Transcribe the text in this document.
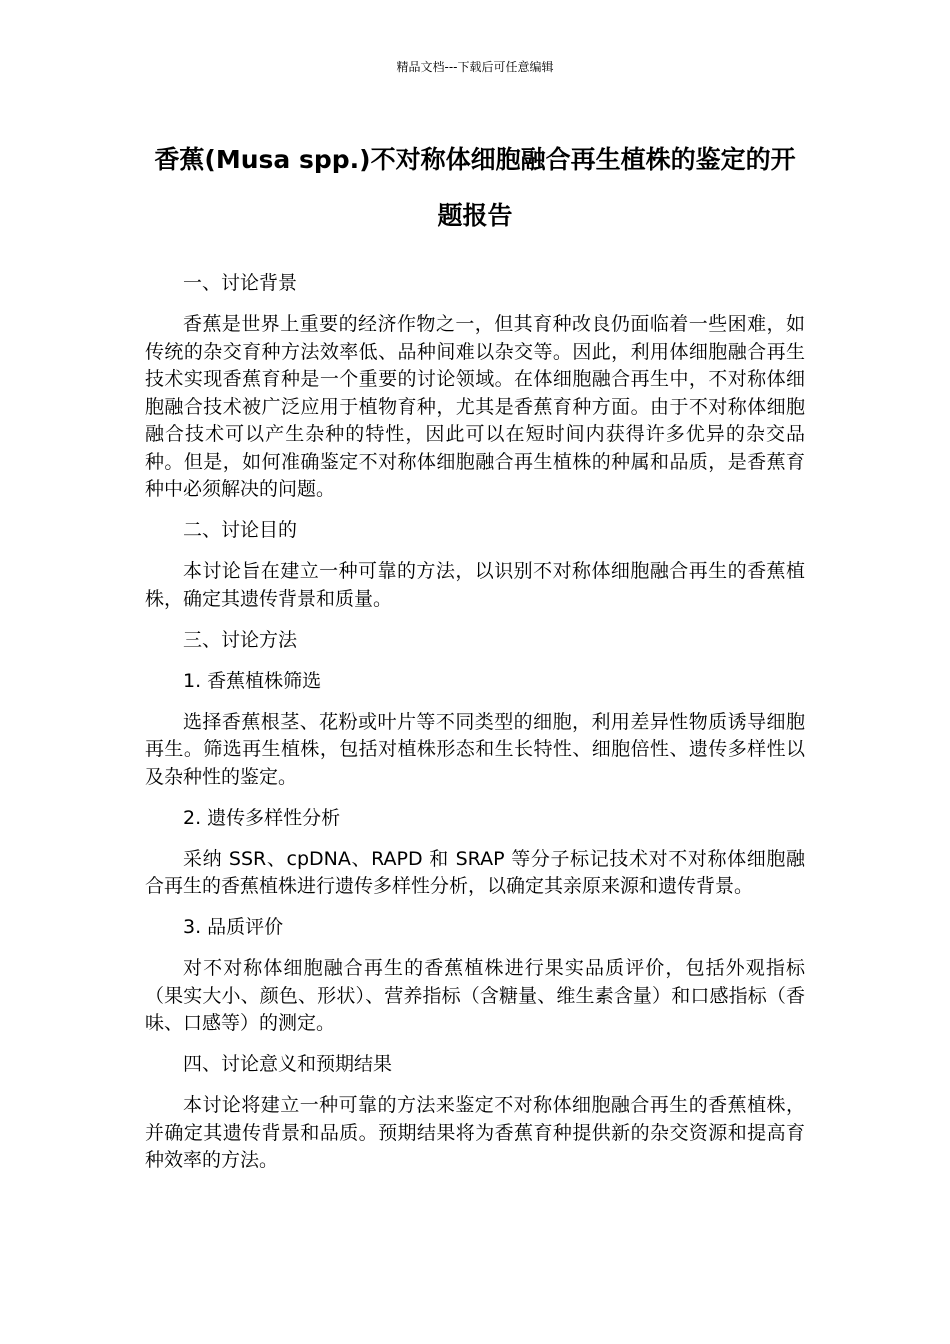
精品文档---下载后可任意编辑
香蕉(Musa spp.)不对称体细胞融合再生植株的鉴定的开题报告

一、讨论背景

香蕉是世界上重要的经济作物之一，但其育种改良仍面临着一些困难，如传统的杂交育种方法效率低、品种间难以杂交等。因此，利用体细胞融合再生技术实现香蕉育种是一个重要的讨论领域。在体细胞融合再生中，不对称体细胞融合技术被广泛应用于植物育种，尤其是香蕉育种方面。由于不对称体细胞融合技术可以产生杂种的特性，因此可以在短时间内获得许多优异的杂交品种。但是，如何准确鉴定不对称体细胞融合再生植株的种属和品质，是香蕉育种中必须解决的问题。

二、讨论目的

本讨论旨在建立一种可靠的方法，以识别不对称体细胞融合再生的香蕉植株，确定其遗传背景和质量。

三、讨论方法

1. 香蕉植株筛选

选择香蕉根茎、花粉或叶片等不同类型的细胞，利用差异性物质诱导细胞再生。筛选再生植株，包括对植株形态和生长特性、细胞倍性、遗传多样性以及杂种性的鉴定。

2. 遗传多样性分析

采纳 SSR、cpDNA、RAPD 和 SRAP 等分子标记技术对不对称体细胞融合再生的香蕉植株进行遗传多样性分析，以确定其亲原来源和遗传背景。

3. 品质评价

对不对称体细胞融合再生的香蕉植株进行果实品质评价，包括外观指标（果实大小、颜色、形状）、营养指标（含糖量、维生素含量）和口感指标（香味、口感等）的测定。

四、讨论意义和预期结果

本讨论将建立一种可靠的方法来鉴定不对称体细胞融合再生的香蕉植株，并确定其遗传背景和品质。预期结果将为香蕉育种提供新的杂交资源和提高育种效率的方法。
